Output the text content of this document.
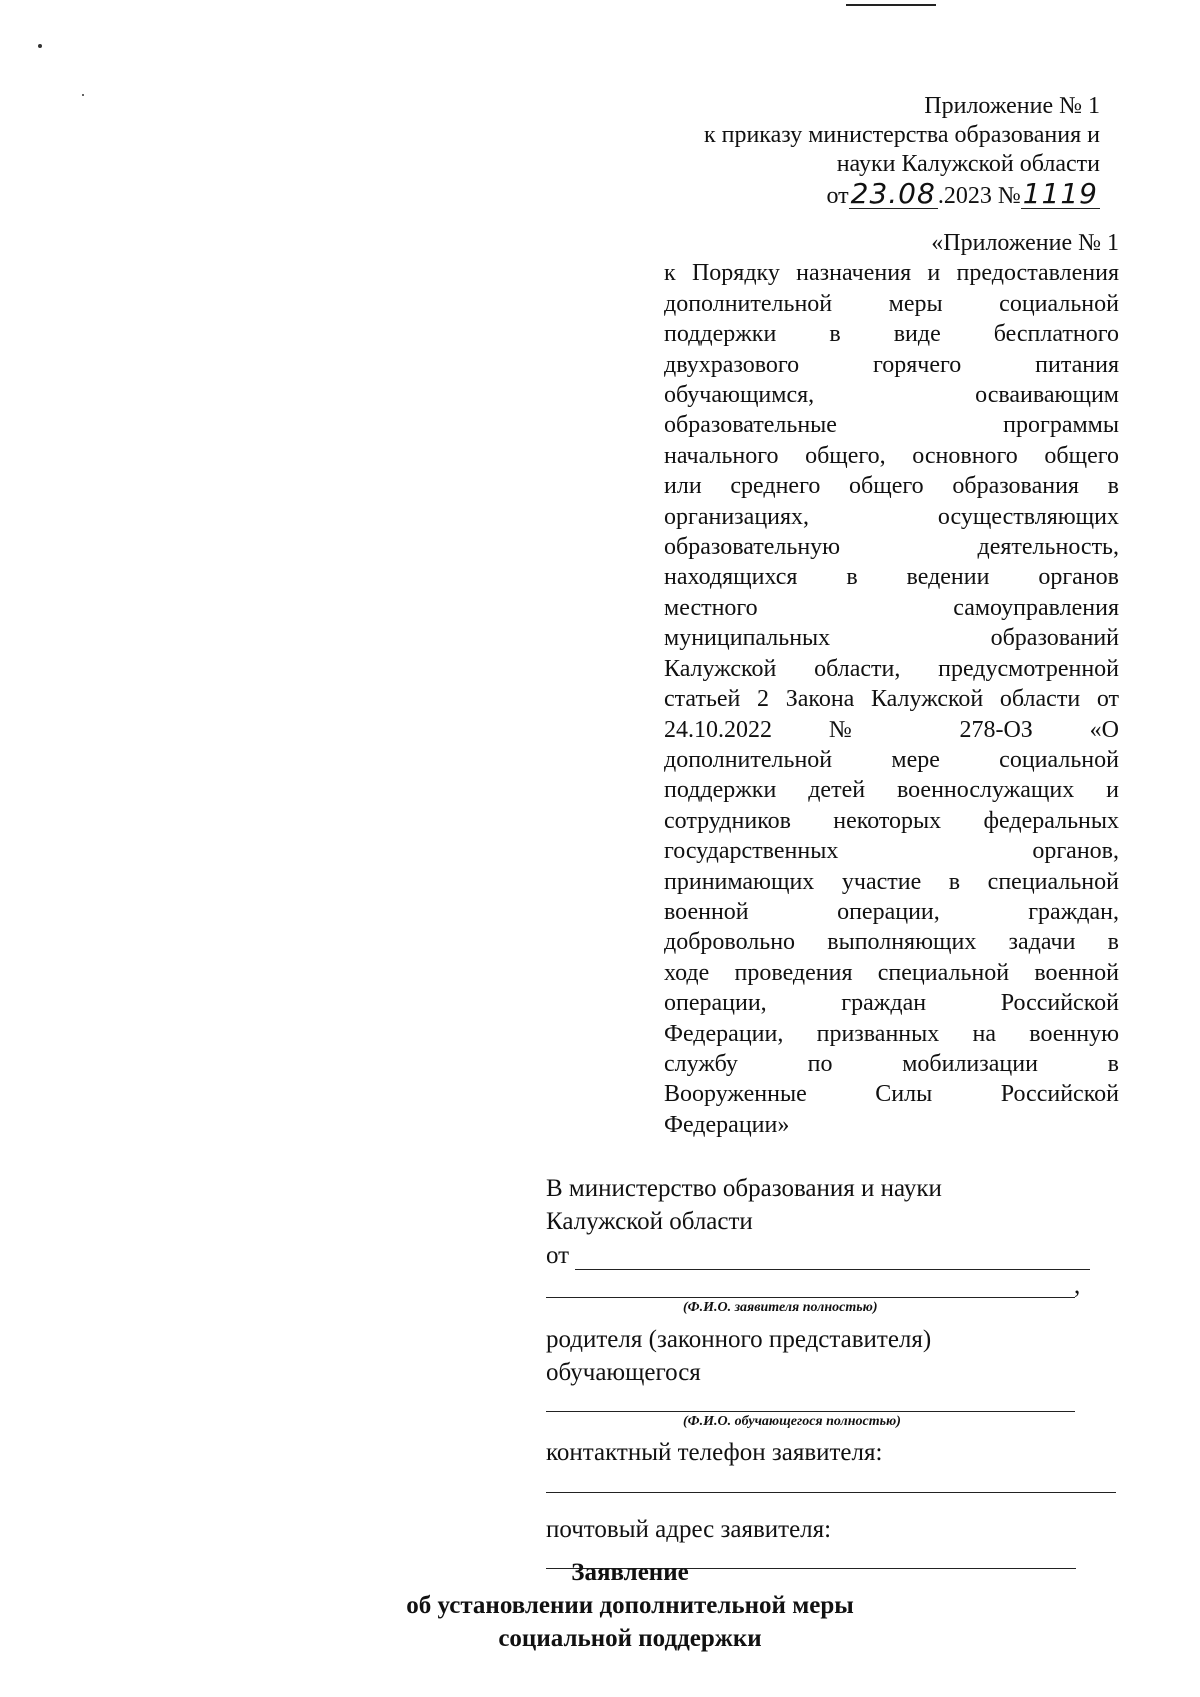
Приложение № 1
к приказу министерства образования и
науки Калужской области
от23.08.2023 №1119
«Приложение № 1
к Порядку назначения и предоставления
дополнительной меры социальной
поддержки в виде бесплатного
двухразового горячего питания
обучающимся, осваивающим
образовательные программы
начального общего, основного общего
или среднего общего образования в
организациях, осуществляющих
образовательную деятельность,
находящихся в ведении органов
местного самоуправления
муниципальных образований
Калужской области, предусмотренной
статьей 2 Закона Калужской области от
24.10.2022 № 278-ОЗ «О
дополнительной мере социальной
поддержки детей военнослужащих и
сотрудников некоторых федеральных
государственных органов,
принимающих участие в специальной
военной операции, граждан,
добровольно выполняющих задачи в
ходе проведения специальной военной
операции, граждан Российской
Федерации, призванных на военную
службу по мобилизации в
Вооруженные Силы Российской
Федерации»
В министерство образования и науки
Калужской области
от
,
(Ф.И.О. заявителя полностью)
родителя (законного представителя)
обучающегося
(Ф.И.О. обучающегося полностью)
контактный телефон заявителя:
почтовый адрес заявителя:
Заявление
об установлении дополнительной меры
социальной поддержки
